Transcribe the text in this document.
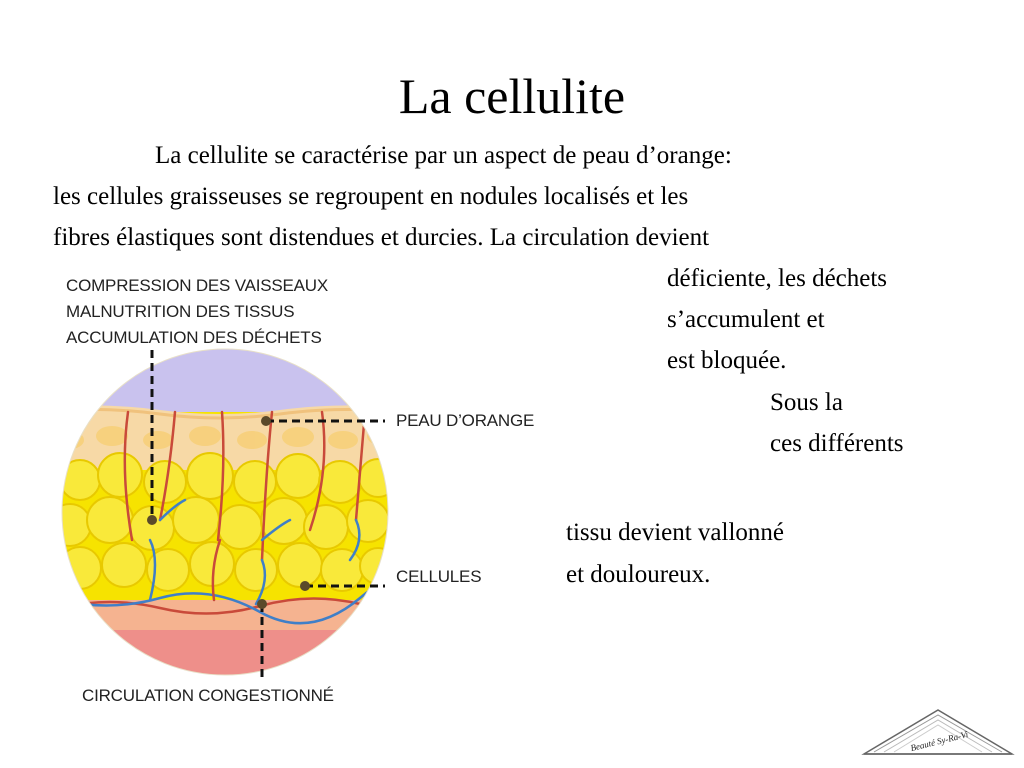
La cellulite
La cellulite se caractérise par un aspect de peau d’orange:
les cellules graisseuses se regroupent en nodules localisés et les
fibres élastiques sont distendues et durcies. La circulation devient
déficiente, les déchets
s’accumulent et
est bloquée.
Sous la
ces différents
tissu devient vallonné
et douloureux.
COMPRESSION DES VAISSEAUX
MALNUTRITION DES TISSUS
ACCUMULATION DES DÉCHETS
PEAU D’ORANGE
CELLULES
CIRCULATION CONGESTIONNÉ
Beauté Sy-Ra-Vi
